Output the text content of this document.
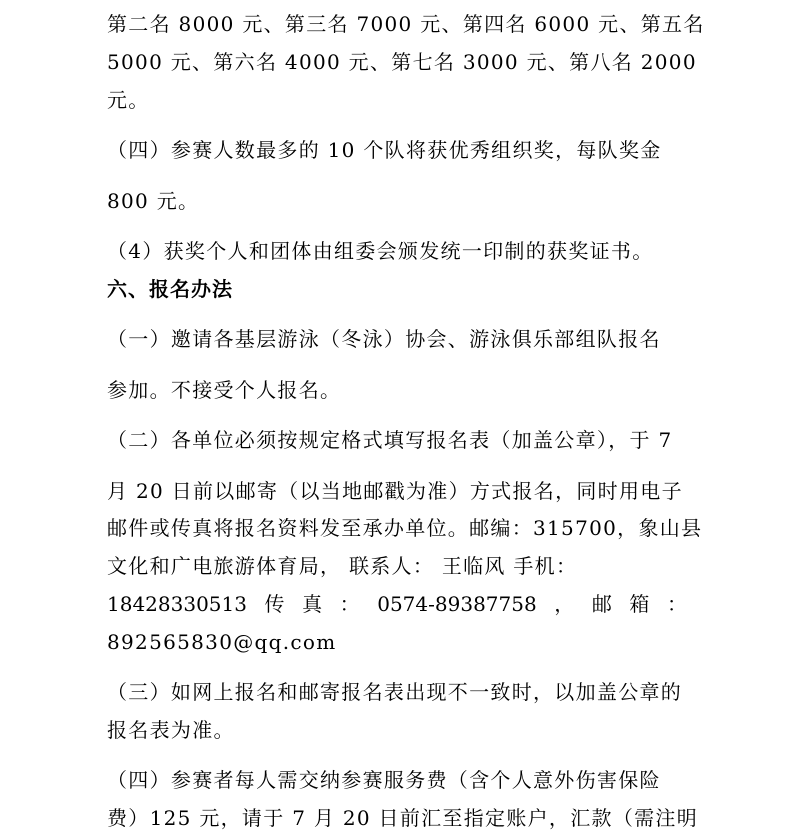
第二名 8000 元、第三名 7000 元、第四名 6000 元、第五名
5000 元、第六名 4000 元、第七名 3000 元、第八名 2000
元。
（四）参赛人数最多的 10 个队将获优秀组织奖，每队奖金
800 元。
（4）获奖个人和团体由组委会颁发统一印制的获奖证书。
六、报名办法
（一）邀请各基层游泳（冬泳）协会、游泳俱乐部组队报名
参加。不接受个人报名。
（二）各单位必须按规定格式填写报名表（加盖公章），于 7
月 20 日前以邮寄（以当地邮戳为准）方式报名，同时用电子
邮件或传真将报名资料发至承办单位。邮编：315700，象山县
文化和广电旅游体育局， 联系人： 王临风 手机：
18428330513 传 真 ： 0574-89387758 ， 邮 箱 ：
892565830@qq.com
（三）如网上报名和邮寄报名表出现不一致时，以加盖公章的
报名表为准。
（四）参赛者每人需交纳参赛服务费（含个人意外伤害保险
费）125 元，请于 7 月 20 日前汇至指定账户，汇款（需注明
